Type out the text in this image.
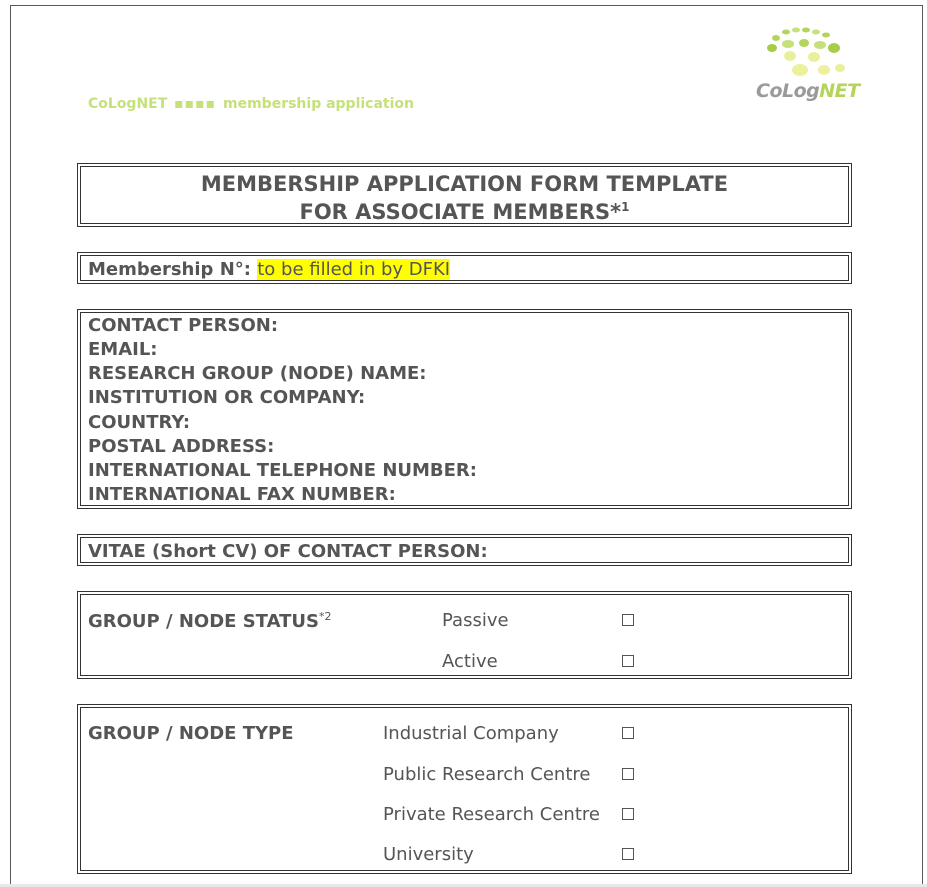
CoLogNET ▪▪▪▪ membership application
CoLogNET
MEMBERSHIP APPLICATION FORM TEMPLATE
FOR ASSOCIATE MEMBERS*$^1$
Membership N°: to be filled in by DFKI
CONTACT PERSON:
EMAIL:
RESEARCH GROUP (NODE) NAME:
INSTITUTION OR COMPANY:
COUNTRY:
POSTAL ADDRESS:
INTERNATIONAL TELEPHONE NUMBER:
INTERNATIONAL FAX NUMBER:
VITAE (Short CV) OF CONTACT PERSON:
GROUP / NODE STATUS$^{*2}$	Passive
Active
GROUP / NODE TYPE	Industrial Company
Public Research Centre
Private Research Centre
University
